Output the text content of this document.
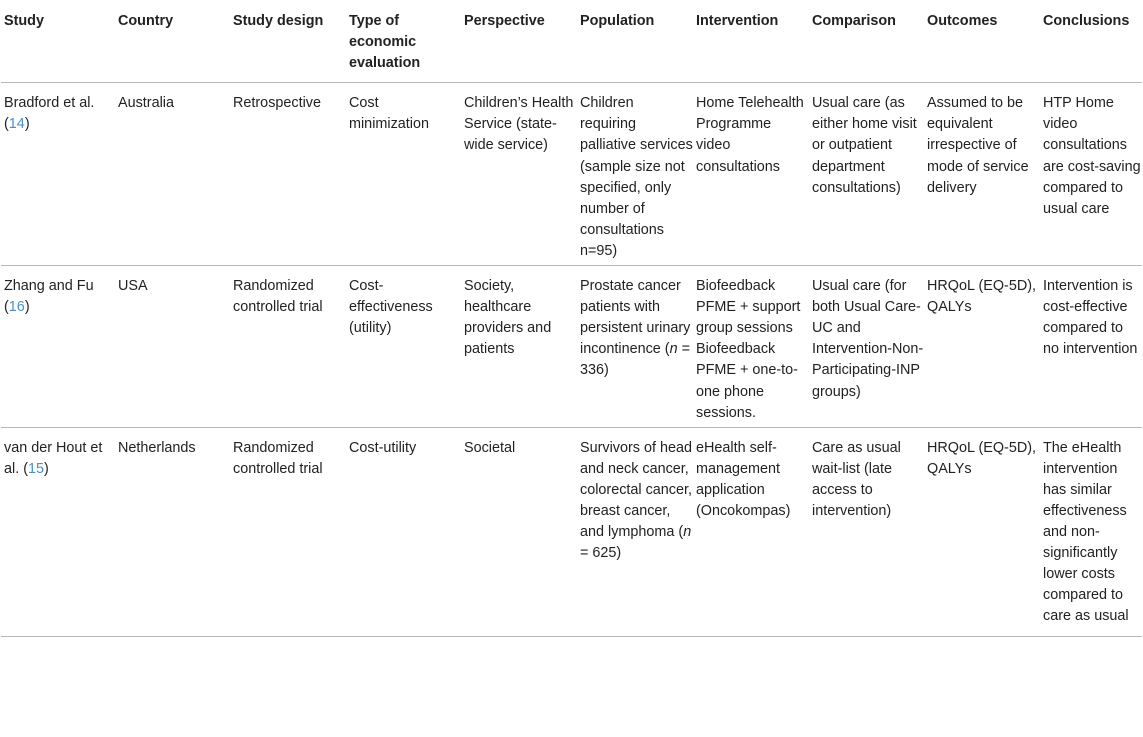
Study	Country	Study design	Type of economic evaluation	Perspective	Population	Intervention	Comparison	Outcomes	Conclusions
Bradford et al. (14)	Australia	Retrospective	Cost minimization	Children’s Health Service (state-wide service)	Children requiring palliative services (sample size not specified, only number of consultations n=95)	Home Telehealth Programme video consultations	Usual care (as either home visit or outpatient department consultations)	Assumed to be equivalent irrespective of mode of service delivery	HTP Home video consultations are cost-saving compared to usual care
Zhang and Fu (16)	USA	Randomized controlled trial	Cost-effectiveness (utility)	Society, healthcare providers and patients	Prostate cancer patients with persistent urinary incontinence (n = 336)	Biofeedback PFME + support group sessions Biofeedback PFME + one-to-one phone sessions.	Usual care (for both Usual Care-UC and Intervention-Non-Participating-INP groups)	HRQoL (EQ-5D), QALYs	Intervention is cost-effective compared to no intervention
van der Hout et al. (15)	Netherlands	Randomized controlled trial	Cost-utility	Societal	Survivors of head and neck cancer, colorectal cancer, breast cancer, and lymphoma (n = 625)	eHealth self-management application (Oncokompas)	Care as usual wait-list (late access to intervention)	HRQoL (EQ-5D), QALYs	The eHealth intervention has similar effectiveness and non-significantly lower costs compared to care as usual
